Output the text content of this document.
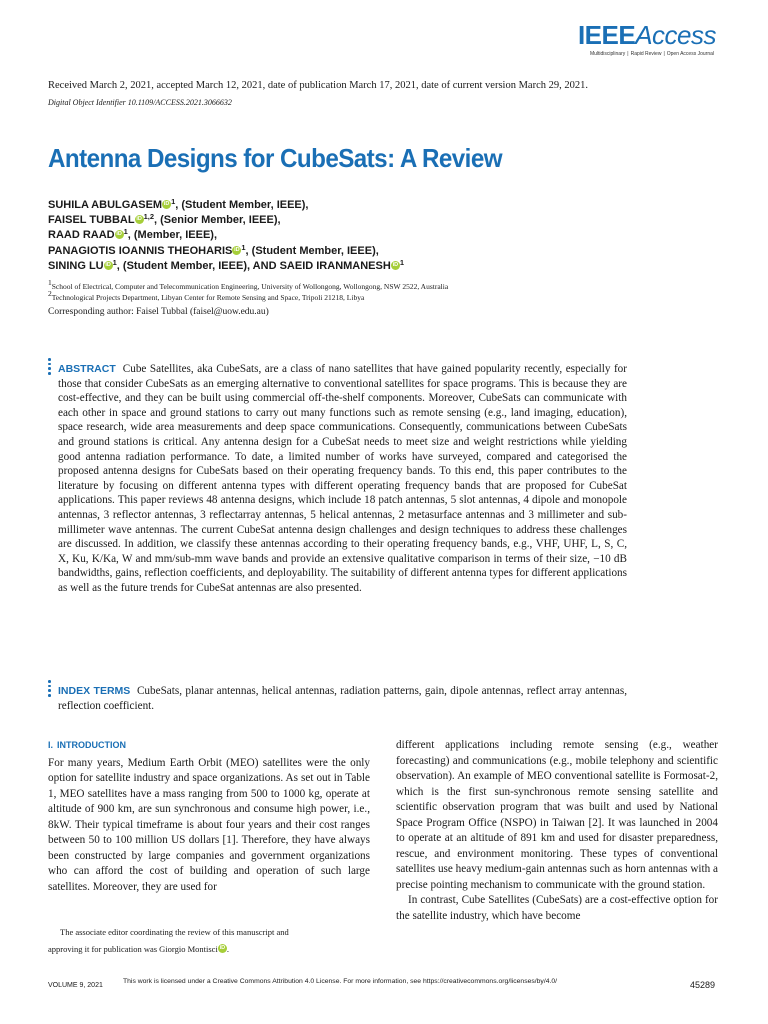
IEEEAccess
Multidisciplinary | Rapid Review | Open Access Journal
Received March 2, 2021, accepted March 12, 2021, date of publication March 17, 2021, date of current version March 29, 2021.
Digital Object Identifier 10.1109/ACCESS.2021.3066632
Antenna Designs for CubeSats: A Review
SUHILA ABULGASEM iD $^1$, (Student Member, IEEE),
FAISEL TUBBAL iD $^{1,2}$, (Senior Member, IEEE),
RAAD RAAD iD $^1$, (Member, IEEE),
PANAGIOTIS IOANNIS THEOHARIS iD $^1$, (Student Member, IEEE),
SINING LU iD $^1$, (Student Member, IEEE), AND SAEID IRANMANESH iD $^1$
$^1$School of Electrical, Computer and Telecommunication Engineering, University of Wollongong, Wollongong, NSW 2522, Australia
$^2$Technological Projects Department, Libyan Center for Remote Sensing and Space, Tripoli 21218, Libya
Corresponding author: Faisel Tubbal (faisel@uow.edu.au)

ABSTRACT Cube Satellites, aka CubeSats, are a class of nano satellites that have gained popularity recently, especially for those that consider CubeSats as an emerging alternative to conventional satellites for space programs. This is because they are cost-effective, and they can be built using commercial off-the-shelf components. Moreover, CubeSats can communicate with each other in space and ground stations to carry out many functions such as remote sensing (e.g., land imaging, education), space research, wide area measurements and deep space communications. Consequently, communications between CubeSats and ground stations is critical. Any antenna design for a CubeSat needs to meet size and weight restrictions while yielding good antenna radiation performance. To date, a limited number of works have surveyed, compared and categorised the proposed antenna designs for CubeSats based on their operating frequency bands. To this end, this paper contributes to the literature by focusing on different antenna types with different operating frequency bands that are proposed for CubeSat applications. This paper reviews 48 antenna designs, which include 18 patch antennas, 5 slot antennas, 4 dipole and monopole antennas, 3 reflector antennas, 3 reflectarray antennas, 5 helical antennas, 2 metasurface antennas and 3 millimeter and sub-millimeter wave antennas. The current CubeSat antenna design challenges and design techniques to address these challenges are discussed. In addition, we classify these antennas according to their operating frequency bands, e.g., VHF, UHF, L, S, C, X, Ku, K/Ka, W and mm/sub-mm wave bands and provide an extensive qualitative comparison in terms of their size, −10 dB bandwidths, gains, reflection coefficients, and deployability. The suitability of different antenna types for different applications as well as the future trends for CubeSat antennas are also presented.

INDEX TERMS CubeSats, planar antennas, helical antennas, radiation patterns, gain, dipole antennas, reflect array antennas, reflection coefficient.

I. INTRODUCTION

For many years, Medium Earth Orbit (MEO) satellites were the only option for satellite industry and space organizations. As set out in Table 1, MEO satellites have a mass ranging from 500 to 1000 kg, operate at altitude of 900 km, are sun synchronous and consume high power, i.e., 8kW. Their typical timeframe is about four years and their cost ranges between 50 to 100 million US dollars [1]. Therefore, they have always been constructed by large companies and government organizations who can afford the cost of building and operation of such large satellites. Moreover, they are used for

different applications including remote sensing (e.g., weather forecasting) and communications (e.g., mobile telephony and scientific observation). An example of MEO conventional satellite is Formosat-2, which is the first sun-synchronous remote sensing satellite and scientific observation program that was built and used by National Space Program Office (NSPO) in Taiwan [2]. It was launched in 2004 to operate at an altitude of 891 km and used for disaster preparedness, rescue, and environment monitoring. These types of conventional satellites use heavy medium-gain antennas such as horn antennas with a precise pointing mechanism to communicate with the ground station.

In contrast, Cube Satellites (CubeSats) are a cost-effective option for the satellite industry, which have become

The associate editor coordinating the review of this manuscript and
approving it for publication was Giorgio Montisci iD .
VOLUME 9, 2021
This work is licensed under a Creative Commons Attribution 4.0 License. For more information, see https://creativecommons.org/licenses/by/4.0/	45289
